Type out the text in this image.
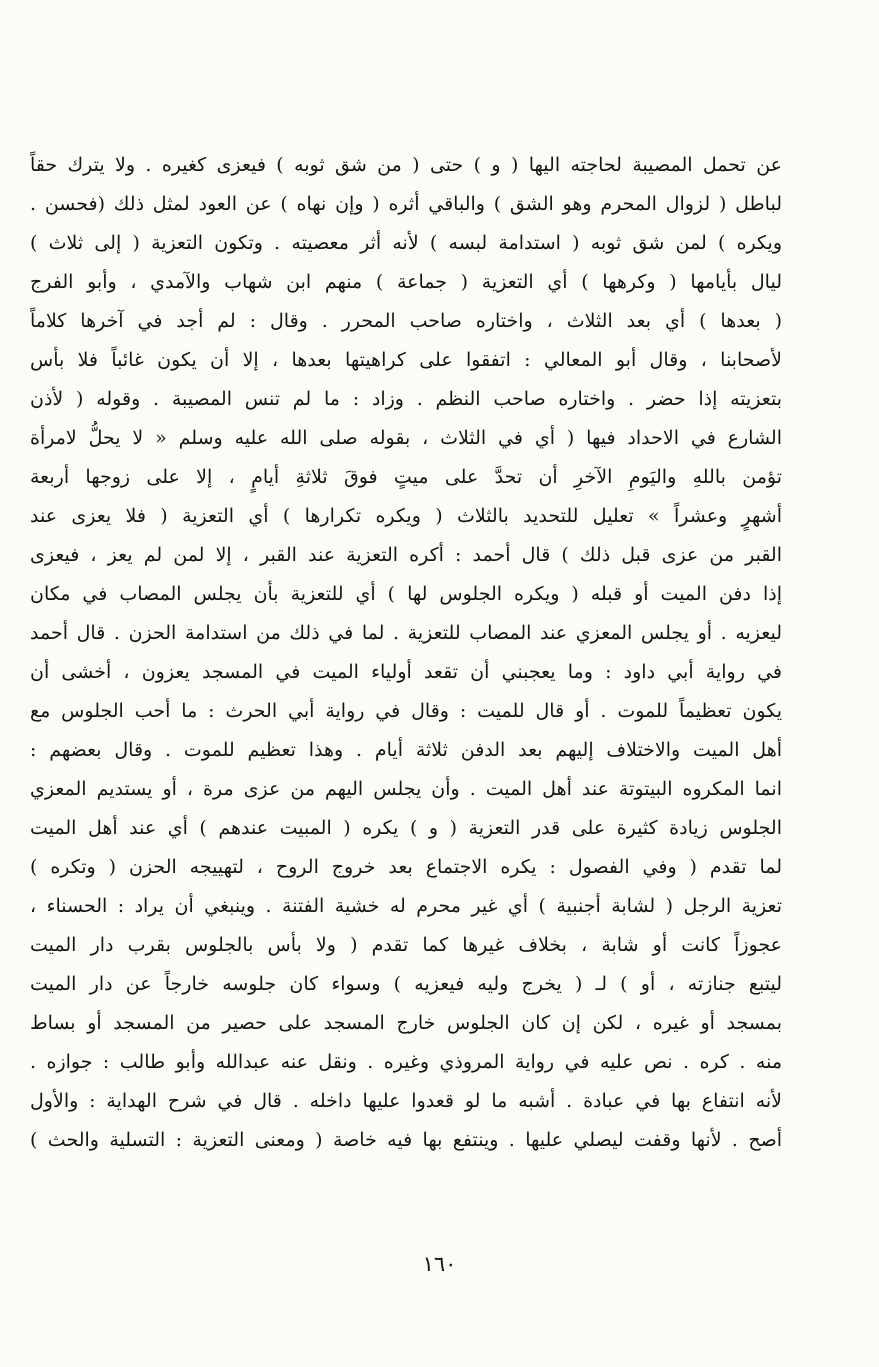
عن تحمل المصيبة لحاجته اليها ( و ) حتى ( من شق ثوبه ) فيعزى كغيره . ولا يترك حقاً
لباطل ( لزوال المحرم وهو الشق ) والباقي أثره ( وإن نهاه ) عن العود لمثل ذلك (فحسن .
ويكره ) لمن شق ثوبه ( استدامة لبسه ) لأنه أثر معصيته . وتكون التعزية ( إلى ثلاث )
ليال بأيامها ( وكرهها ) أي التعزية ( جماعة ) منهم ابن شهاب والآمدي ، وأبو الفرج
( بعدها ) أي بعد الثلاث ، واختاره صاحب المحرر . وقال : لم أجد في آخرها كلاماً
لأصحابنا ، وقال أبو المعالي : اتفقوا على كراهيتها بعدها ، إلا أن يكون غائباً فلا بأس
بتعزيته إذا حضر . واختاره صاحب النظم . وزاد : ما لم تنس المصيبة . وقوله ( لأذن
الشارع في الاحداد فيها ( أي في الثلاث ، بقوله صلى الله عليه وسلم « لا يحلُّ لامرأة
تؤمن باللهِ واليَومِ الآخرِ أن تحدَّ على ميتٍ فوقَ ثلاثةِ أيامٍ ، إلا على زوجها أربعة
أشهرٍ وعشراً » تعليل للتحديد بالثلاث ( ويكره تكرارها ) أي التعزية ( فلا يعزى عند
القبر من عزى قبل ذلك ) قال أحمد : أكره التعزية عند القبر ، إلا لمن لم يعز ، فيعزى
إذا دفن الميت أو قبله ( ويكره الجلوس لها ) أي للتعزية بأن يجلس المصاب في مكان
ليعزيه . أو يجلس المعزي عند المصاب للتعزية . لما في ذلك من استدامة الحزن . قال أحمد
في رواية أبي داود : وما يعجبني أن تقعد أولياء الميت في المسجد يعزون ، أخشى أن
يكون تعظيماً للموت . أو قال للميت : وقال في رواية أبي الحرث : ما أحب الجلوس مع
أهل الميت والاختلاف إليهم بعد الدفن ثلاثة أيام . وهذا تعظيم للموت . وقال بعضهم :
انما المكروه البيتوتة عند أهل الميت . وأن يجلس اليهم من عزى مرة ، أو يستديم المعزي
الجلوس زيادة كثيرة على قدر التعزية ( و ) يكره ( المبيت عندهم ) أي عند أهل الميت
لما تقدم ( وفي الفصول : يكره الاجتماع بعد خروج الروح ، لتهييجه الحزن ( وتكره )
تعزية الرجل ( لشابة أجنبية ) أي غير محرم له خشية الفتنة . وينبغي أن يراد : الحسناء ،
عجوزاً كانت أو شابة ، بخلاف غيرها كما تقدم ( ولا بأس بالجلوس بقرب دار الميت
ليتبع جنازته ، أو ) لـ ( يخرج وليه فيعزيه ) وسواء كان جلوسه خارجاً عن دار الميت
بمسجد أو غيره ، لكن إن كان الجلوس خارج المسجد على حصير من المسجد أو بساط
منه . كره . نص عليه في رواية المروذي وغيره . ونقل عنه عبدالله وأبو طالب : جوازه .
لأنه انتفاع بها في عبادة . أشبه ما لو قعدوا عليها داخله . قال في شرح الهداية : والأول
أصح . لأنها وقفت ليصلي عليها . وينتفع بها فيه خاصة ( ومعنى التعزية : التسلية والحث )
١٦٠
